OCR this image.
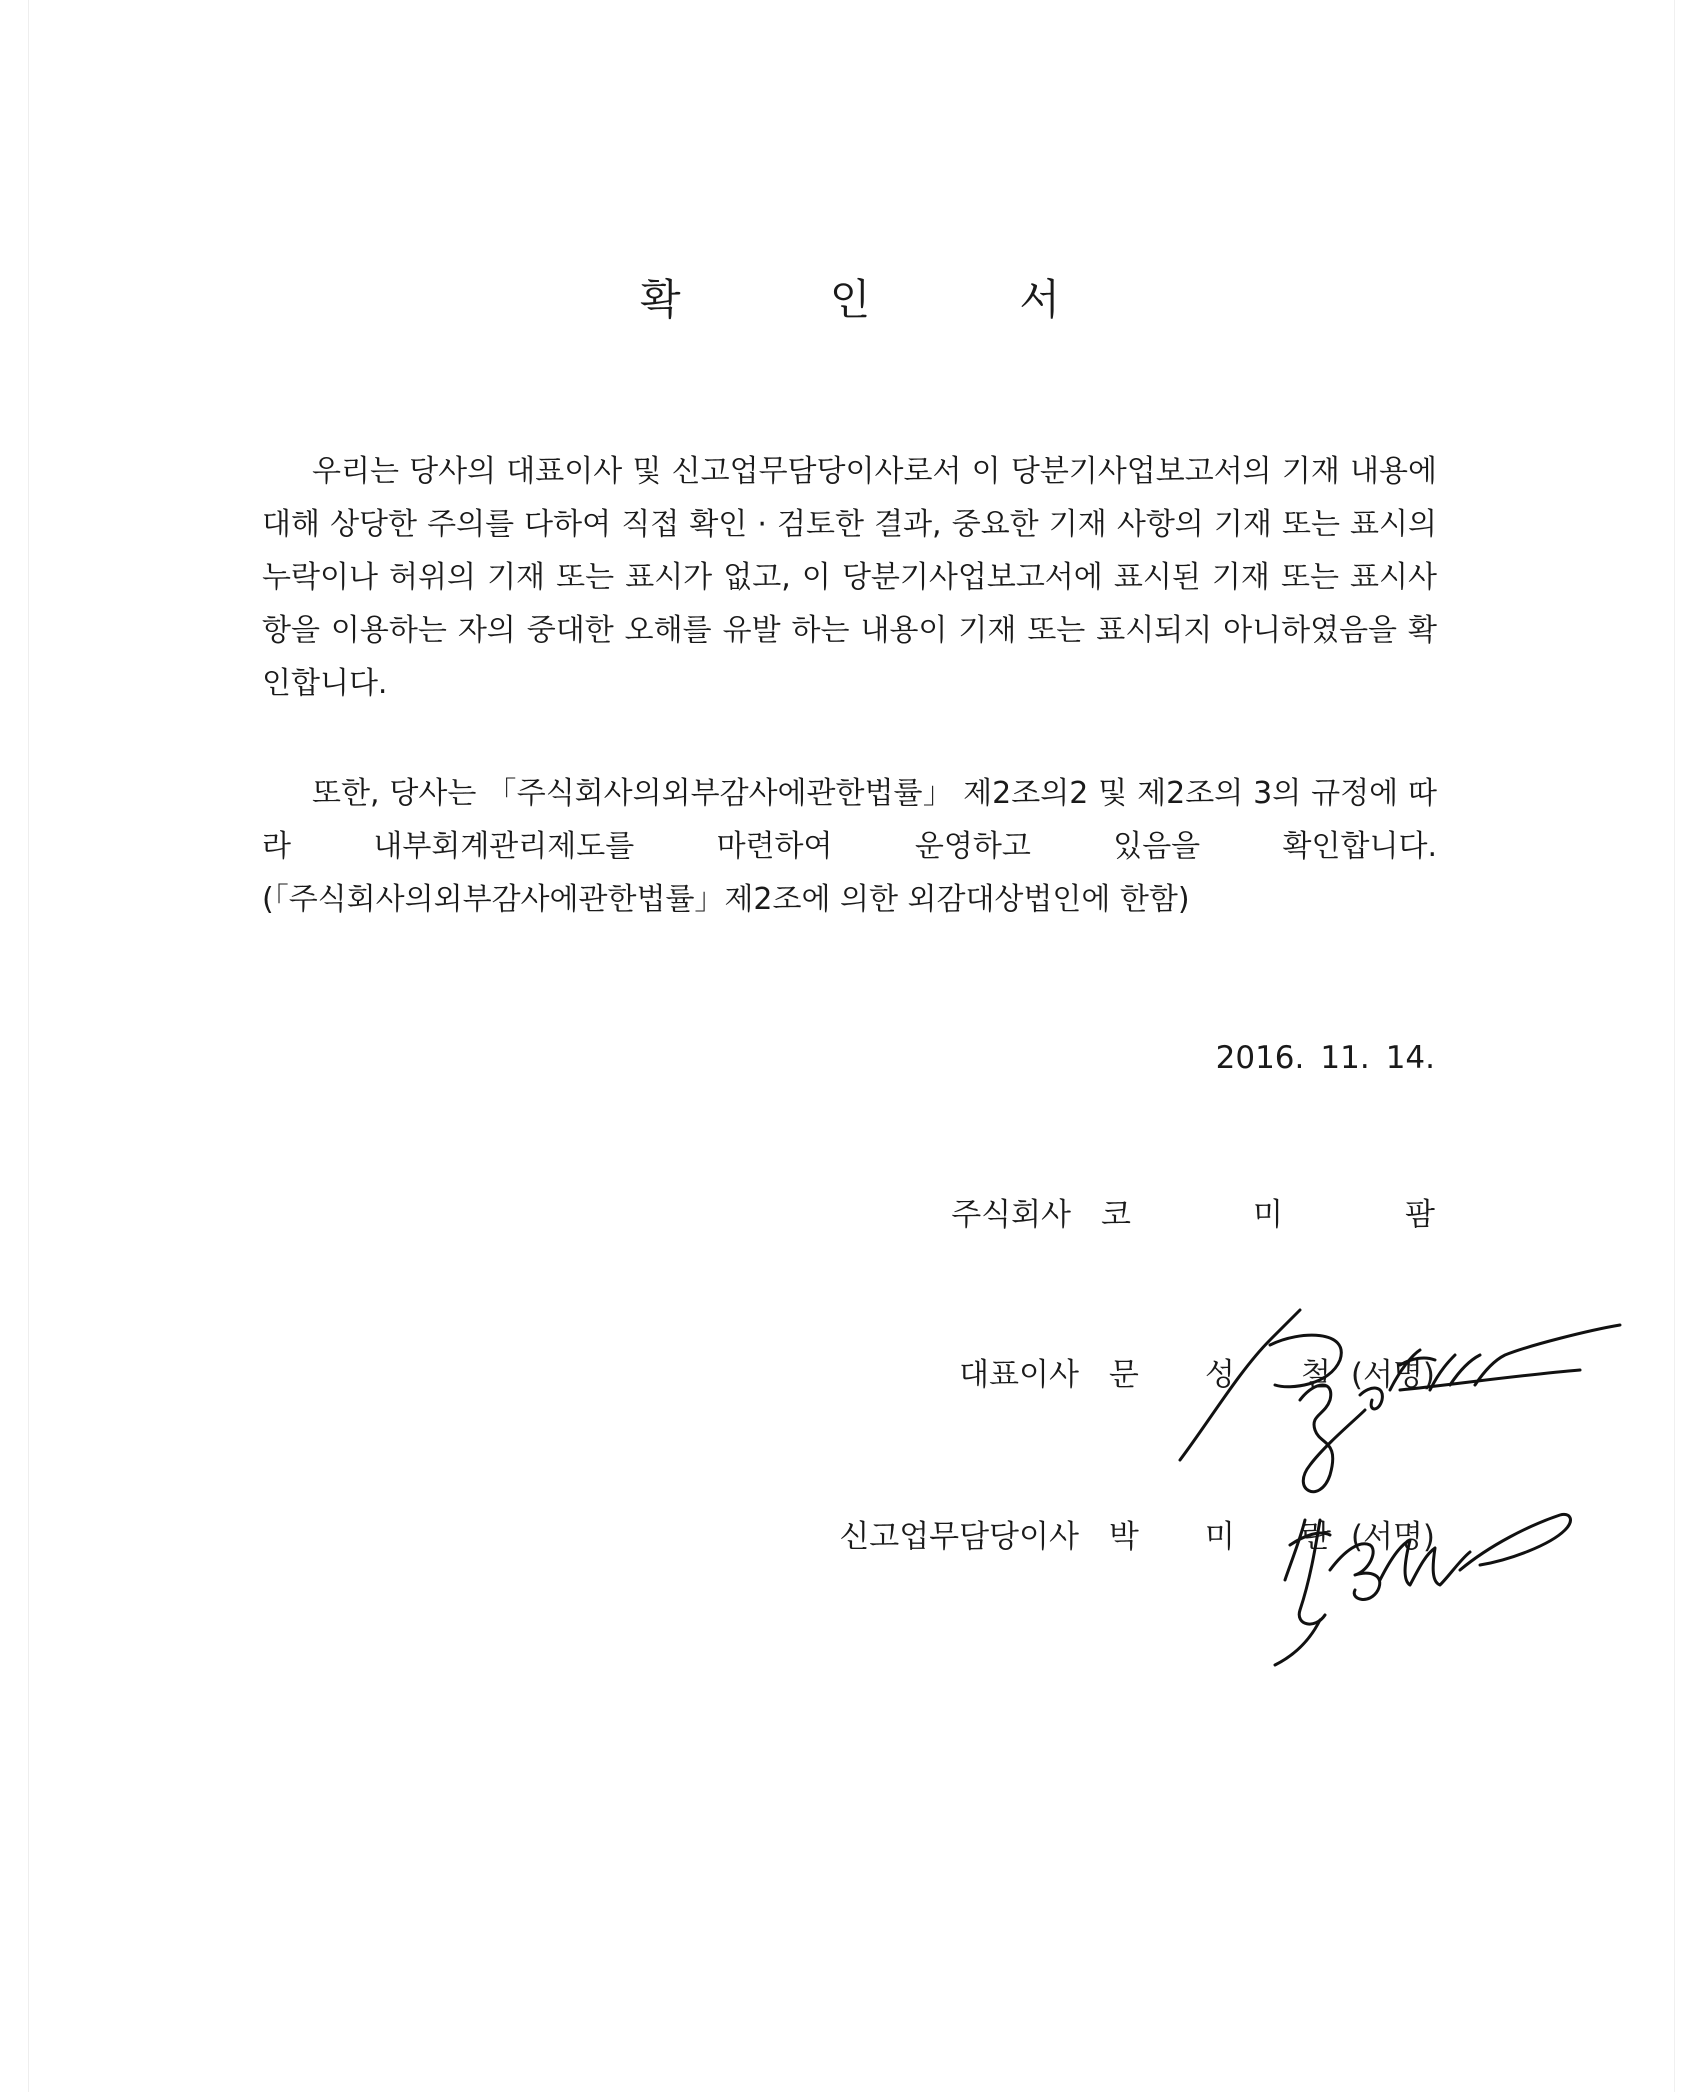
확	인	서

우리는 당사의 대표이사 및 신고업무담당이사로서 이 당분기사업보고서의 기재 내용에 대해 상당한 주의를 다하여 직접 확인 · 검토한 결과, 중요한 기재 사항의 기재 또는 표시의 누락이나 허위의 기재 또는 표시가 없고, 이 당분기사업보고서에 표시된 기재 또는 표시사항을 이용하는 자의 중대한 오해를 유발 하는 내용이 기재 또는 표시되지 아니하였음을 확인합니다.

또한, 당사는 「주식회사의외부감사에관한법률」 제2조의2 및 제2조의 3의 규정에 따라 내부회계관리제도를 마련하여 운영하고 있음을 확인합니다.

(「주식회사의외부감사에관한법률」제2조에 의한 외감대상법인에 한함)

2016. 11. 14.
주식회사 코	미	팜
대표이사 문 성 철 (서명)
신고업무담당이사 박 미 란 (서명)
